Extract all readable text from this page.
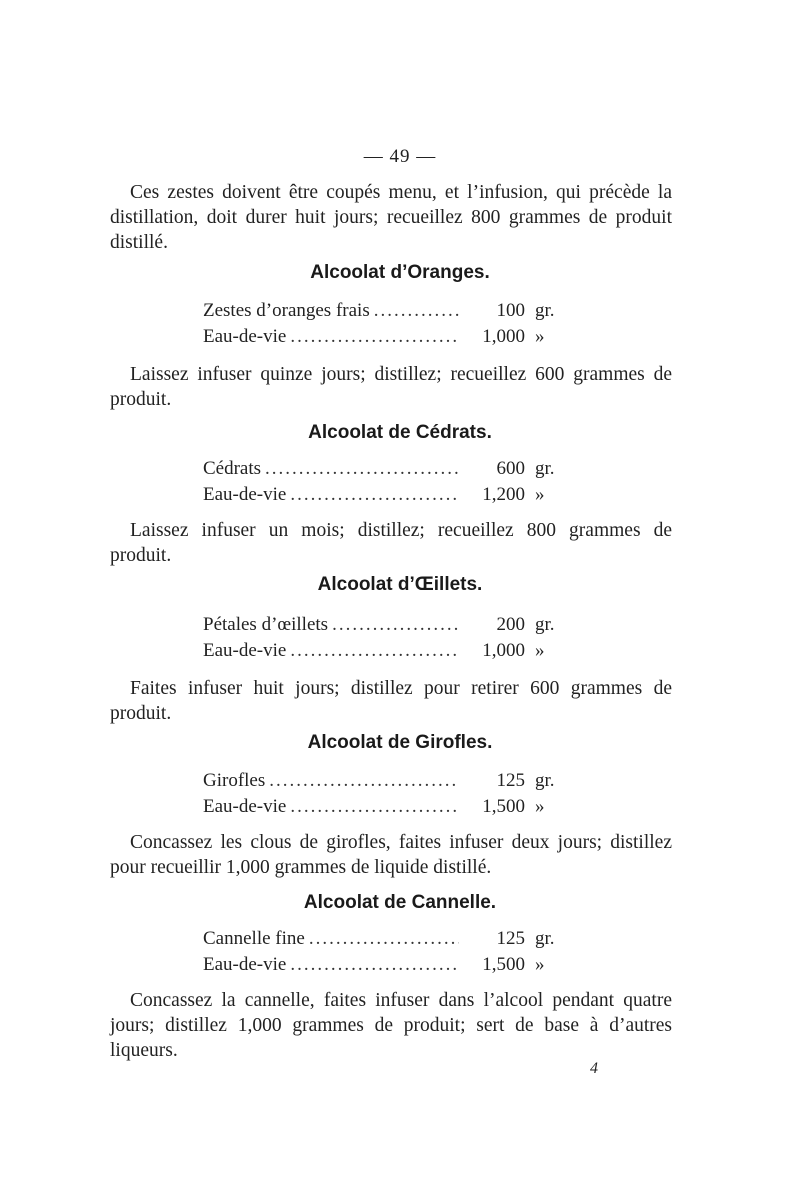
— 49 —
Ces zestes doivent être coupés menu, et l’infusion, qui précède la distillation, doit durer huit jours; recueillez 800 grammes de produit distillé.
Alcoolat d’Oranges.
Zestes d’oranges frais .....	100 gr.
Eau-de-vie .....	1,000 »
Laissez infuser quinze jours; distillez; recueillez 600 grammes de produit.
Alcoolat de Cédrats.
Cédrats .....	600 gr.
Eau-de-vie .....	1,200 »
Laissez infuser un mois; distillez; recueillez 800 grammes de produit.
Alcoolat d’Œillets.
Pétales d’œillets .....	200 gr.
Eau-de-vie .....	1,000 »
Faites infuser huit jours; distillez pour retirer 600 grammes de produit.
Alcoolat de Girofles.
Girofles .....	125 gr.
Eau-de-vie .....	1,500 »
Concassez les clous de girofles, faites infuser deux jours; distillez pour recueillir 1,000 grammes de liquide distillé.
Alcoolat de Cannelle.
Cannelle fine .....	125 gr.
Eau-de-vie .....	1,500 »
Concassez la cannelle, faites infuser dans l’alcool pendant quatre jours; distillez 1,000 grammes de produit; sert de base à d’autres liqueurs.
4
